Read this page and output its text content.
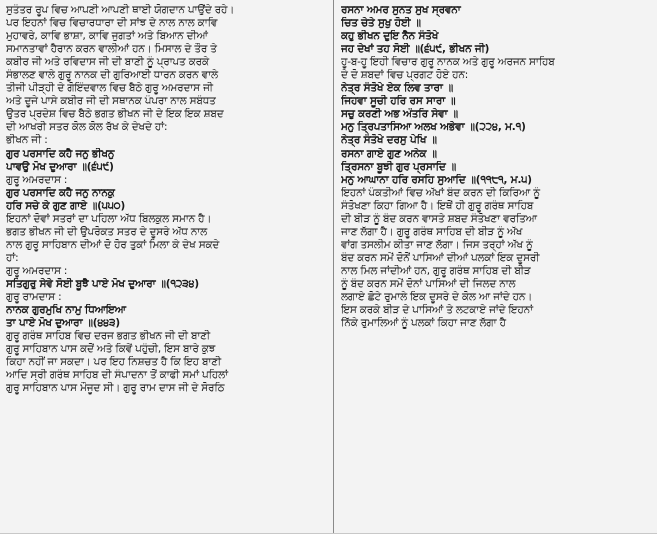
ਸੁਤੰਤਰ ਰੂਪ ਵਿਚ ਆਪਣੀ ਆਪਣੀ ਥਾਈ ਯੋਗਦਾਨ ਪਾਉਂਦੇ ਰਹੇ।
ਪਰ ਇਹਨਾਂ ਵਿਚ ਵਿਚਾਰਧਾਰਾ ਦੀ ਸਾਂਝ ਦੇ ਨਾਲ ਨਾਲ ਕਾਵਿ
ਮੁਹਾਵਰੇ, ਕਾਵਿ ਭਾਸ਼ਾ, ਕਾਵਿ ਜੁਗਤਾਂ ਅਤੇ ਬਿਆਨ ਦੀਆਂ
ਸਮਾਨਤਾਵਾਂ ਹੈਰਾਨ ਕਰਨ ਵਾਲੀਆਂ ਹਨ। ਮਿਸਾਲ ਦੇ ਤੌਰ ਤੇ
ਕਬੀਰ ਜੀ ਅਤੇ ਰਵਿਦਾਸ ਜੀ ਦੀ ਬਾਣੀ ਨੂੰ ਪ੍ਰਾਪਤ ਕਰਕੇ
ਸੰਭਾਲਣ ਵਾਲੇ ਗੁਰੂ ਨਾਨਕ ਦੀ ਗੁਰਿਆਈ ਧਾਰਨ ਕਰਨ ਵਾਲੇ
ਤੀਜੀ ਪੀੜ੍ਹੀ ਦੇ ਗੋਇੰਦਵਾਲ ਵਿਚ ਬੈਠੇ ਗੁਰੂ ਅਮਰਦਾਸ ਜੀ
ਅਤੇ ਦੂਜੇ ਪਾਸੇ ਕਬੀਰ ਜੀ ਦੀ ਸਥਾਨਕ ਪੰਪਰਾ ਨਾਲ ਸਬੰਧਤ
ਉਤਰ ਪ੍ਰਦੇਸ਼ ਵਿਚ ਬੈਠੇ ਭਗਤ ਭੀਖਨ ਜੀ ਦੇ ਇਕ ਇਕ ਸ਼ਬਦ
ਦੀ ਆਖਰੀ ਸਤਰ ਕੋਲ ਕੋਲ ਰੱਖ ਕੇ ਦੇਖਦੇ ਹਾਂ:
ਭੀਖਨ ਜੀ :
ਗੁਰ ਪਰਸਾਦਿ ਕਹੈ ਜਨੁ ਭੀਖਨੁ
ਪਾਵਉ ਮੋਖ ਦੁਆਰਾ ॥(੬੫੯)
ਗੁਰੂ ਅਮਰਦਾਸ :
ਗੁਰ ਪਰਸਾਦਿ ਕਹੈ ਜਨੁ ਨਾਨਕੁ
ਹਰਿ ਸਚੇ ਕੇ ਗੁਣ ਗਾਏ ॥(੫੫੦)
ਇਹਨਾਂ ਦੋਵਾਂ ਸਤਰਾਂ ਦਾ ਪਹਿਲਾ ਅੱਧ ਬਿਲਕੁਲ ਸਮਾਨ ਹੈ।
ਭਗਤ ਭੀਖਨ ਜੀ ਦੀ ਉਪਰੋਕਤ ਸਤਰ ਦੇ ਦੂਸਰੇ ਅੱਧ ਨਾਲ
ਨਾਲ ਗੁਰੂ ਸਾਹਿਬਾਨ ਦੀਆਂ ਦੋ ਹੋਰ ਤੁਕਾਂ ਮਿਲਾ ਕੇ ਦੇਖ ਸਕਦੇ
ਹਾਂ:
ਗੁਰੂ ਅਮਰਦਾਸ :
ਸਤਿਗੁਰੁ ਸੇਵੇ ਸੋਈ ਬੂਝੈ ਪਾਏ ਮੋਖ ਦੁਆਰਾ ॥(੧੨੩੪)
ਗੁਰੂ ਰਾਮਦਾਸ :
ਨਾਨਕ ਗੁਰਮੁਖਿ ਨਾਮੁ ਧਿਆਇਆ
ਤਾ ਪਾਏ ਮੋਖ ਦੁਆਰਾ ॥(੪੪੩)
ਗੁਰੂ ਗਰੰਥ ਸਾਹਿਬ ਵਿਚ ਦਰਜ ਭਗਤ ਭੀਖਨ ਜੀ ਦੀ ਬਾਣੀ
ਗੁਰੂ ਸਾਹਿਬਾਨ ਪਾਸ ਕਦੋਂ ਅਤੇ ਕਿਵੇਂ ਪਹੁੰਚੀ, ਇਸ ਬਾਰੇ ਕੁਝ
ਕਿਹਾ ਨਹੀਂ ਜਾ ਸਕਦਾ। ਪਰ ਇਹ ਨਿਸ਼ਚਤ ਹੈ ਕਿ ਇਹ ਬਾਣੀ
ਆਦਿ ਸ੍ਰੀ ਗਰੰਥ ਸਾਹਿਬ ਦੀ ਸੰਪਾਦਨਾ ਤੋਂ ਕਾਫੀ ਸਮਾਂ ਪਹਿਲਾਂ
ਗੁਰੂ ਸਾਹਿਬਾਨ ਪਾਸ ਮੌਜੂਦ ਸੀ। ਗੁਰੂ ਰਾਮ ਦਾਸ ਜੀ ਦੇ ਸੋਰਠਿ
ਰਸਨਾ ਅਮਰ ਸੁਨਤ ਸੁਖ ਸ੍ਰਵਨਾ
ਚਿਤ ਚੇਤੇ ਸੁਖੁ ਹੋਈ ॥
ਕਹੁ ਭੀਖਨ ਦੁਇ ਨੈਨ ਸੰਤੋਖੇ
ਜਹ ਦੇਖਾਂ ਤਹ ਸੋਈ ॥(੬੫੯, ਭੀਖਨ ਜੀ)
ਹੂ-ਬ-ਹੂ ਇਹੀ ਵਿਚਾਰ ਗੁਰੂ ਨਾਨਕ ਅਤੇ ਗੁਰੂ ਅਰਜਨ ਸਾਹਿਬ
ਦੇ ਦੋ ਸ਼ਬਦਾਂ ਵਿਚ ਪ੍ਰਗਟ ਹੋਏ ਹਨ:
ਨੇਤ੍ਰ ਸੰਤੋਖੇ ਏਕ ਲਿਵ ਤਾਰਾ ॥
ਜਿਹਵਾ ਸੂਚੀ ਹਰਿ ਰਸ ਸਾਰਾ ॥
ਸਚੁ ਕਰਣੀ ਅਭ ਅੰਤਰਿ ਸੇਵਾ ॥
ਮਨੁ ਤ੍ਰਿਪਤਾਸਿਆ ਅਲਖ ਅਭੇਵਾ ॥(੨੨੪, ਮ.੧)
ਨੇਤ੍ਰ ਸੰਤੋਖੇ ਦਰਸੁ ਪੇਖਿ ॥
ਰਸਨਾ ਗਾਏ ਗੁਣ ਅਨੇਕ ॥
ਤ੍ਰਿਸਨਾ ਬੂਝੀ ਗੁਰ ਪ੍ਰਸਾਦਿ ॥
ਮਨੁ ਆਘਾਨਾ ਹਰਿ ਰਸਹਿ ਸੁਆਦਿ ॥(੧੧੮੧, ਮ.੫)
ਇਹਨਾਂ ਪੰਕਤੀਆਂ ਵਿਚ ਅੱਖਾਂ ਬੰਦ ਕਰਨ ਦੀ ਕਿਰਿਆ ਨੂੰ
ਸੰਤੋਖਣਾ ਕਿਹਾ ਗਿਆ ਹੈ। ਇਥੋਂ ਹੀ ਗੁਰੂ ਗਰੰਥ ਸਾਹਿਬ
ਦੀ ਬੀੜ ਨੂੰ ਬੰਦ ਕਰਨ ਵਾਸਤੇ ਸ਼ਬਦ ਸੰਤੋਖਣਾ ਵਰਤਿਆ
ਜਾਣ ਲੱਗਾ ਹੈ। ਗੁਰੂ ਗਰੰਥ ਸਾਹਿਬ ਦੀ ਬੀੜ ਨੂੰ ਅੱਖ
ਵਾਂਗ ਤਸਲੀਮ ਕੀਤਾ ਜਾਣ ਲੱਗਾ। ਜਿਸ ਤਰ੍ਹਾਂ ਅੱਖ ਨੂੰ
ਬੰਦ ਕਰਨ ਸਮੇਂ ਦੋਨੋਂ ਪਾਸਿਆਂ ਦੀਆਂ ਪਲਕਾਂ ਇਕ ਦੂਸਰੀ
ਨਾਲ ਮਿਲ ਜਾਂਦੀਆਂ ਹਨ, ਗੁਰੂ ਗਰੰਥ ਸਾਹਿਬ ਦੀ ਬੀੜ
ਨੂੰ ਬੰਦ ਕਰਨ ਸਮੇਂ ਦੋਨਾਂ ਪਾਸਿਆਂ ਦੀ ਜਿਲਦ ਨਾਲ
ਲਗਾਏ ਛੋਟੇ ਰੁਮਾਲੇ ਇਕ ਦੂਸਰੇ ਦੇ ਕੋਲ ਆ ਜਾਂਦੇ ਹਨ।
ਇਸ ਕਰਕੇ ਬੀੜ ਦੇ ਪਾਸਿਆਂ ਤੇ ਲਟਕਾਏ ਜਾਂਦੇ ਇਹਨਾਂ
ਨਿੱਕੇ ਰੁਮਾਲਿਆਂ ਨੂੰ ਪਲਕਾਂ ਕਿਹਾ ਜਾਣ ਲੱਗਾ ਹੈ
